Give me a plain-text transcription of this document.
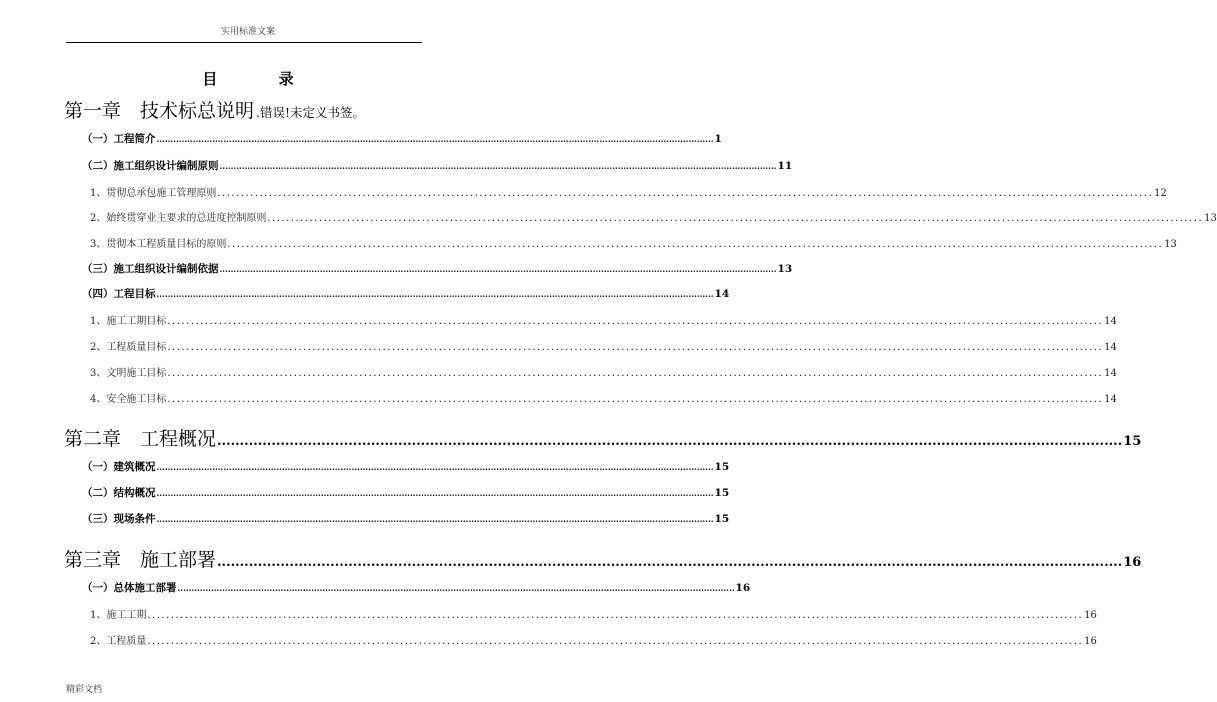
实用标准文案
目 录
第一章　技术标总说明 .错误!未定义书签。
（一）工程简介 ........................................................................................................................................................................................................ 1
（二）施工组织设计编制原则 ........................................................................................................................................................................................................ 11
1、贯彻总承包施工管理原则 ........................................................................................................................................................................................................ 12
2、始终贯穿业主要求的总进度控制原则 ........................................................................................................................................................................................................ 13
3、贯彻本工程质量目标的原则 ........................................................................................................................................................................................................ 13
（三）施工组织设计编制依据 ........................................................................................................................................................................................................ 13
（四）工程目标 ........................................................................................................................................................................................................ 14
1、施工工期目标 ........................................................................................................................................................................................................ 14
2、工程质量目标 ........................................................................................................................................................................................................ 14
3、文明施工目标 ........................................................................................................................................................................................................ 14
4、安全施工目标 ........................................................................................................................................................................................................ 14
第二章　工程概况 ........................................................................................................................................................................................................ 15
（一）建筑概况 ........................................................................................................................................................................................................ 15
（二）结构概况 ........................................................................................................................................................................................................ 15
（三）现场条件 ........................................................................................................................................................................................................ 15
第三章　施工部署 ........................................................................................................................................................................................................ 16
（一）总体施工部署 ........................................................................................................................................................................................................ 16
1、施工工期 ........................................................................................................................................................................................................ 16
2、工程质量 ........................................................................................................................................................................................................ 16
精彩文档
